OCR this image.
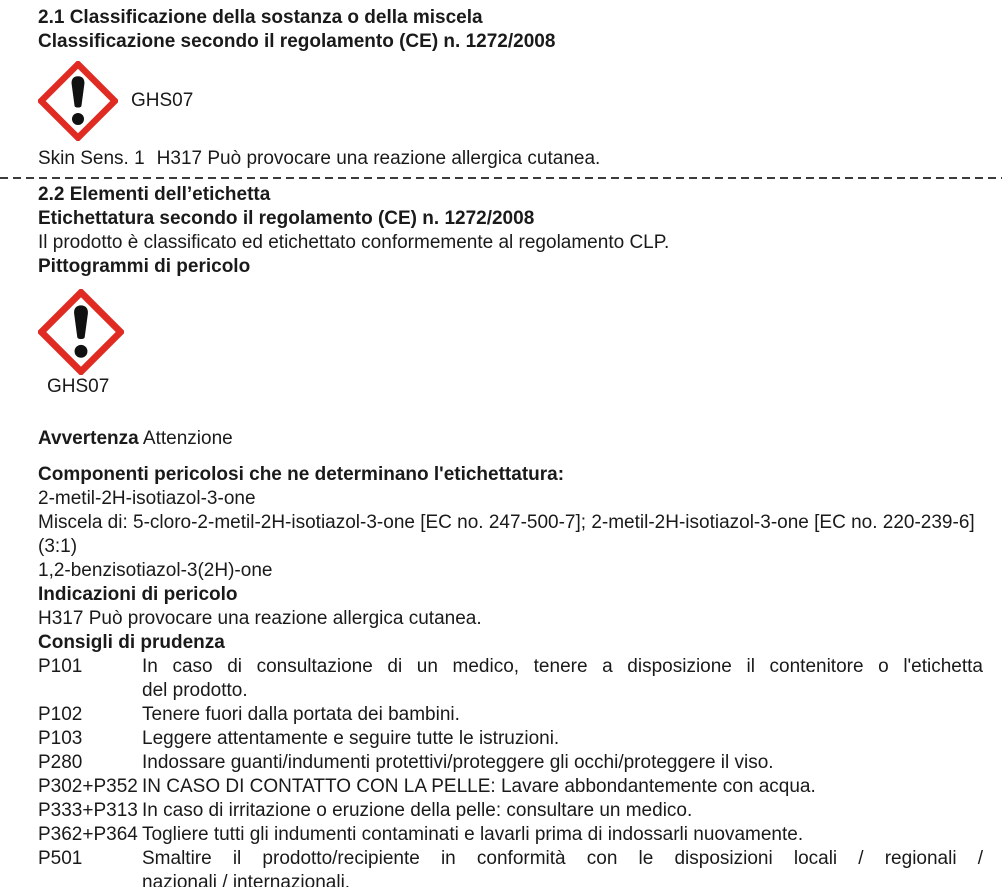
2.1 Classificazione della sostanza o della miscela
Classificazione secondo il regolamento (CE) n. 1272/2008
GHS07
Skin Sens. 1 H317 Può provocare una reazione allergica cutanea.
2.2 Elementi dell’etichetta
Etichettatura secondo il regolamento (CE) n. 1272/2008
Il prodotto è classificato ed etichettato conformemente al regolamento CLP.
Pittogrammi di pericolo
GHS07
Avvertenza Attenzione
Componenti pericolosi che ne determinano l'etichettatura:
2-metil-2H-isotiazol-3-one
Miscela di: 5-cloro-2-metil-2H-isotiazol-3-one [EC no. 247-500-7]; 2-metil-2H-isotiazol-3-one [EC no. 220-239-6] (3:1)
1,2-benzisotiazol-3(2H)-one
Indicazioni di pericolo
H317 Può provocare una reazione allergica cutanea.
Consigli di prudenza
P101	In caso di consultazione di un medico, tenere a disposizione il contenitore o l'etichetta
del prodotto.
P102	Tenere fuori dalla portata dei bambini.
P103	Leggere attentamente e seguire tutte le istruzioni.
P280	Indossare guanti/indumenti protettivi/proteggere gli occhi/proteggere il viso.
P302+P352 IN CASO DI CONTATTO CON LA PELLE: Lavare abbondantemente con acqua.
P333+P313 In caso di irritazione o eruzione della pelle: consultare un medico.
P362+P364 Togliere tutti gli indumenti contaminati e lavarli prima di indossarli nuovamente.
P501	Smaltire il prodotto/recipiente in conformità con le disposizioni locali / regionali /
nazionali / internazionali.
